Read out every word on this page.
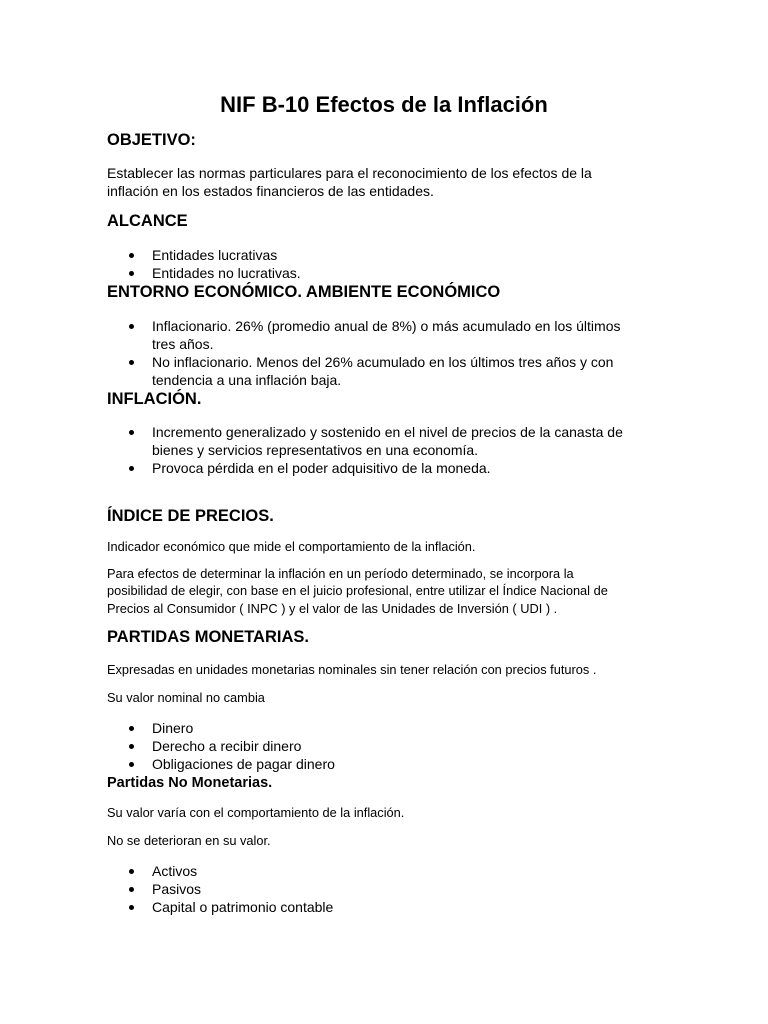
NIF B-10 Efectos de la Inflación
OBJETIVO:
Establecer las normas particulares para el reconocimiento de los efectos de la
inflación en los estados financieros de las entidades.
ALCANCE
Entidades lucrativas
Entidades no lucrativas.
ENTORNO ECONÓMICO. AMBIENTE ECONÓMICO
Inflacionario. 26% (promedio anual de 8%) o más acumulado en los últimos
tres años.
No inflacionario. Menos del 26% acumulado en los últimos tres años y con
tendencia a una inflación baja.
INFLACIÓN.
Incremento generalizado y sostenido en el nivel de precios de la canasta de
bienes y servicios representativos en una economía.
Provoca pérdida en el poder adquisitivo de la moneda.
ÍNDICE DE PRECIOS.
Indicador económico que mide el comportamiento de la inflación.
Para efectos de determinar la inflación en un período determinado, se incorpora la
posibilidad de elegir, con base en el juicio profesional, entre utilizar el Índice Nacional de
Precios al Consumidor ( INPC ) y el valor de las Unidades de Inversión ( UDI ) .
PARTIDAS MONETARIAS.
Expresadas en unidades monetarias nominales sin tener relación con precios futuros .
Su valor nominal no cambia
Dinero
Derecho a recibir dinero
Obligaciones de pagar dinero
Partidas No Monetarias.
Su valor varía con el comportamiento de la inflación.
No se deterioran en su valor.
Activos
Pasivos
Capital o patrimonio contable
